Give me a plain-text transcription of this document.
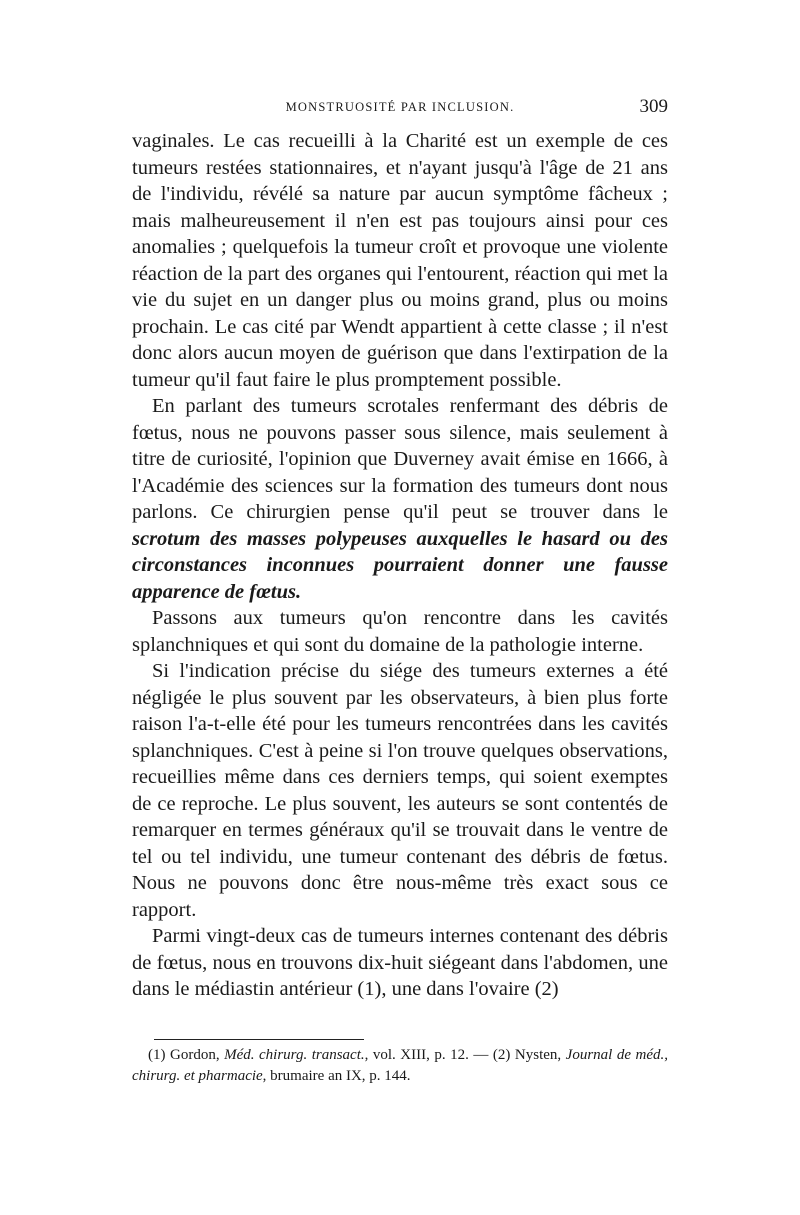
MONSTRUOSITÉ PAR INCLUSION.	309

vaginales. Le cas recueilli à la Charité est un exemple de ces tumeurs restées stationnaires, et n'ayant jusqu'à l'âge de 21 ans de l'individu, révélé sa nature par aucun symptôme fâcheux ; mais malheureusement il n'en est pas toujours ainsi pour ces anomalies ; quelquefois la tumeur croît et provoque une violente réaction de la part des organes qui l'entourent, réaction qui met la vie du sujet en un danger plus ou moins grand, plus ou moins prochain. Le cas cité par Wendt appartient à cette classe ; il n'est donc alors aucun moyen de guérison que dans l'extirpation de la tumeur qu'il faut faire le plus promptement possible.

En parlant des tumeurs scrotales renfermant des débris de fœtus, nous ne pouvons passer sous silence, mais seulement à titre de curiosité, l'opinion que Duverney avait émise en 1666, à l'Académie des sciences sur la formation des tumeurs dont nous parlons. Ce chirurgien pense qu'il peut se trouver dans le scrotum des masses polypeuses auxquelles le hasard ou des circonstances inconnues pourraient donner une fausse apparence de fœtus.

Passons aux tumeurs qu'on rencontre dans les cavités splanchniques et qui sont du domaine de la pathologie interne.

Si l'indication précise du siége des tumeurs externes a été négligée le plus souvent par les observateurs, à bien plus forte raison l'a-t-elle été pour les tumeurs rencontrées dans les cavités splanchniques. C'est à peine si l'on trouve quelques observations, recueillies même dans ces derniers temps, qui soient exemptes de ce reproche. Le plus souvent, les auteurs se sont contentés de remarquer en termes généraux qu'il se trouvait dans le ventre de tel ou tel individu, une tumeur contenant des débris de fœtus. Nous ne pouvons donc être nous-même très exact sous ce rapport.

Parmi vingt-deux cas de tumeurs internes contenant des débris de fœtus, nous en trouvons dix-huit siégeant dans l'abdomen, une dans le médiastin antérieur (1), une dans l'ovaire (2)

(1) Gordon, Méd. chirurg. transact., vol. XIII, p. 12. — (2) Nysten, Journal de méd., chirurg. et pharmacie, brumaire an IX, p. 144.
